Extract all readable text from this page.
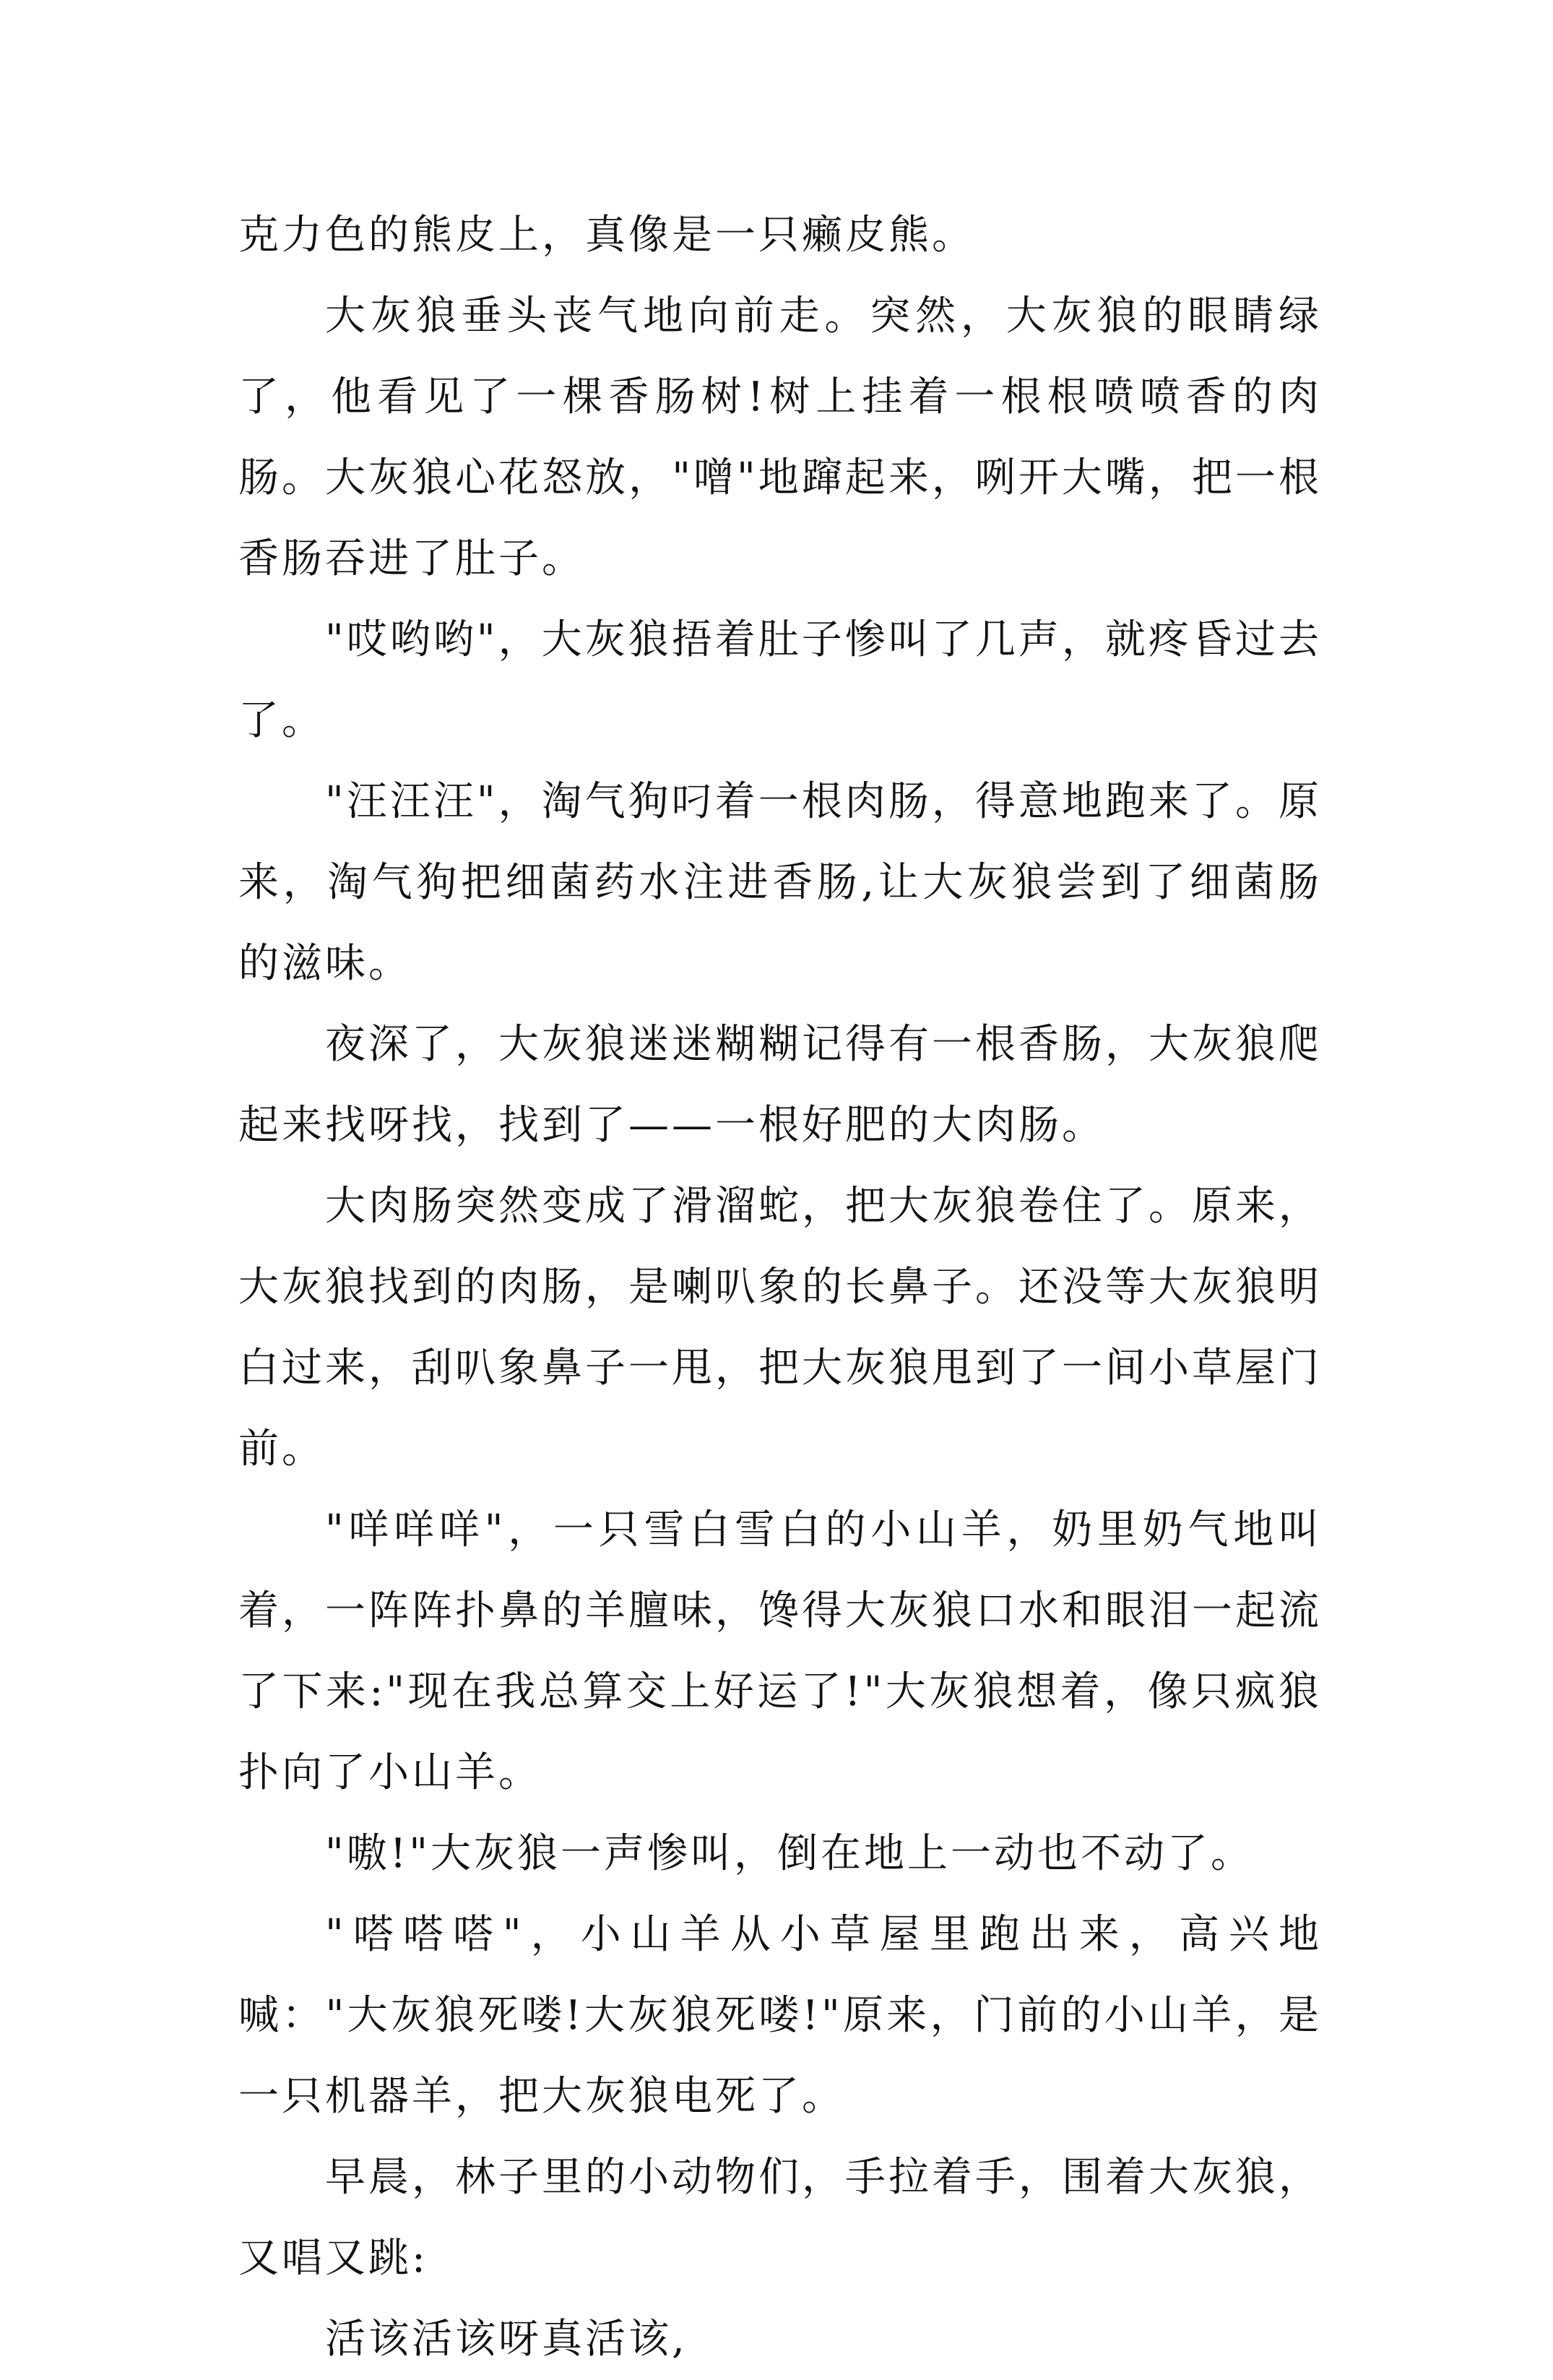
克力色的熊皮上，真像是一只癞皮熊。

大灰狼垂头丧气地向前走。突然，大灰狼的眼睛绿了，他看见了一棵香肠树!树上挂着一根根喷喷香的肉肠。大灰狼心花怒放，"噌"地蹿起来，咧开大嘴，把一根香肠吞进了肚子。

"哎哟哟"，大灰狼捂着肚子惨叫了几声，就疼昏过去了。

"汪汪汪"，淘气狗叼着一根肉肠，得意地跑来了。原来，淘气狗把细菌药水注进香肠,让大灰狼尝到了细菌肠的滋味。

夜深了，大灰狼迷迷糊糊记得有一根香肠，大灰狼爬起来找呀找，找到了——一根好肥的大肉肠。

大肉肠突然变成了滑溜蛇，把大灰狼卷住了。原来，大灰狼找到的肉肠，是喇叭象的长鼻子。还没等大灰狼明白过来，刮叭象鼻子一甩，把大灰狼甩到了一间小草屋门前。

"咩咩咩"，一只雪白雪白的小山羊，奶里奶气地叫着，一阵阵扑鼻的羊膻味，馋得大灰狼口水和眼泪一起流了下来:"现在我总算交上好运了!"大灰狼想着，像只疯狼扑向了小山羊。

"嗷!"大灰狼一声惨叫，倒在地上一动也不动了。

"嗒嗒嗒"，小山羊从小草屋里跑出来，高兴地喊："大灰狼死喽!大灰狼死喽!"原来，门前的小山羊，是一只机器羊，把大灰狼电死了。

早晨，林子里的小动物们，手拉着手，围着大灰狼，又唱又跳:

活该活该呀真活该,
